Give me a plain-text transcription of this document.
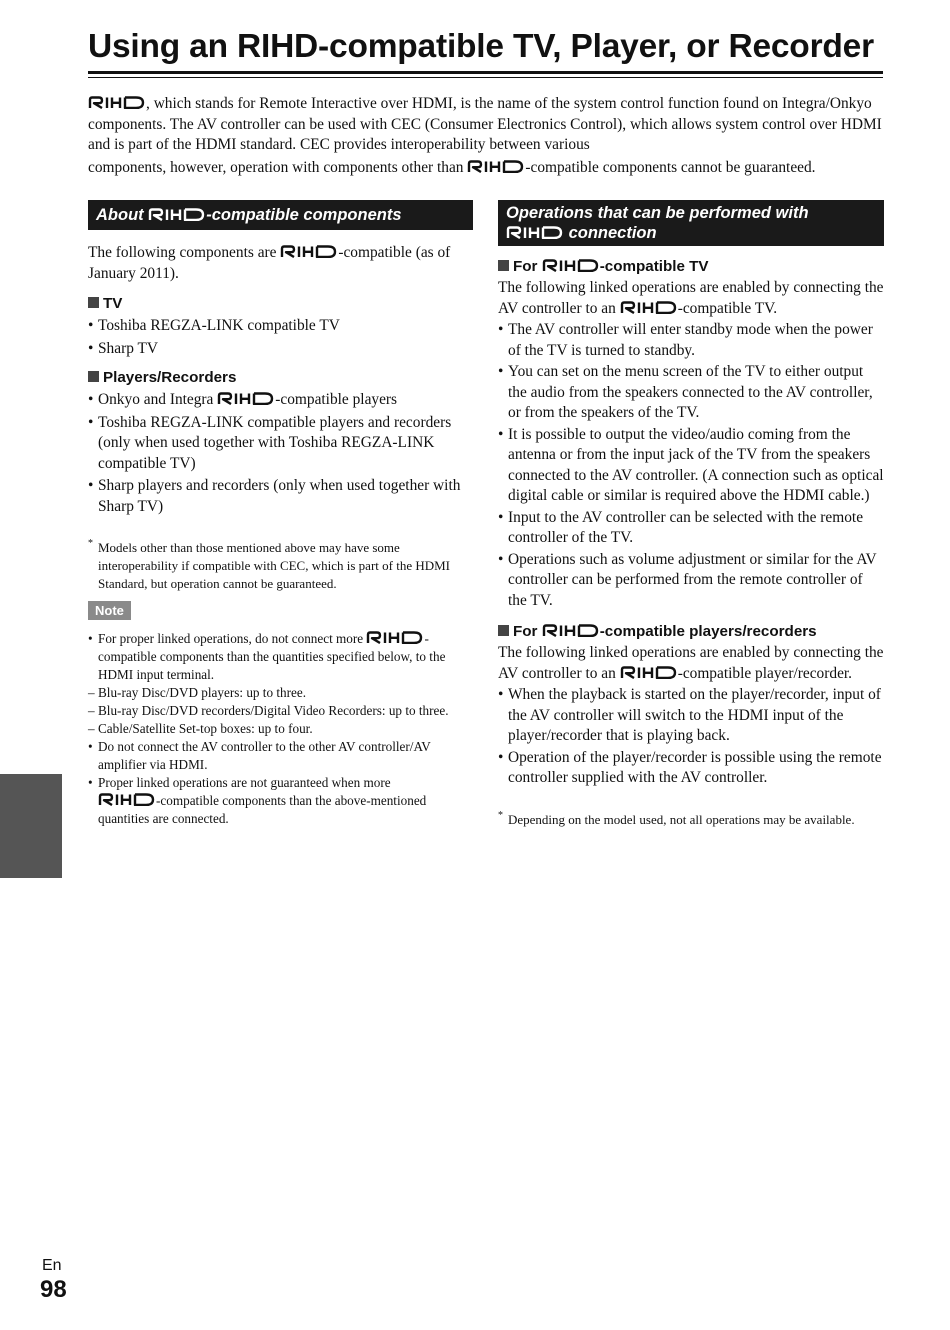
Using an RIHD-compatible TV, Player, or Recorder
, which stands for Remote Interactive over HDMI, is the name of the system control function found on Integra/Onkyo components. The AV controller can be used with CEC (Consumer Electronics Control), which allows system control over HDMI and is part of the HDMI standard. CEC provides interoperability between various
components, however, operation with components other than	-compatible components cannot be guaranteed.
About	-compatible components

The following components are	-compatible (as of January 2011).

TV

• Toshiba REGZA-LINK compatible TV
• Sharp TV

Players/Recorders

• Onkyo and Integra	-compatible players
• Toshiba REGZA-LINK compatible players and recorders (only when used together with Toshiba REGZA-LINK compatible TV)
• Sharp players and recorders (only when used together with Sharp TV)

* Models other than those mentioned above may have some interoperability if compatible with CEC, which is part of the HDMI Standard, but operation cannot be guaranteed.

Note
• For proper linked operations, do not connect more	-compatible components than the quantities specified below, to the HDMI input terminal.
– Blu-ray Disc/DVD players: up to three.
– Blu-ray Disc/DVD recorders/Digital Video Recorders: up to three.
– Cable/Satellite Set-top boxes: up to four.
• Do not connect the AV controller to the other AV controller/AV amplifier via HDMI.
• Proper linked operations are not guaranteed when more

-compatible components than the above-mentioned quantities are connected.
Operations that can be performed with

connection

For	-compatible TV

The following linked operations are enabled by connecting the AV controller to an	-compatible TV.

• The AV controller will enter standby mode when the power of the TV is turned to standby.
• You can set on the menu screen of the TV to either output the audio from the speakers connected to the AV controller, or from the speakers of the TV.
• It is possible to output the video/audio coming from the antenna or from the input jack of the TV from the speakers connected to the AV controller. (A connection such as optical digital cable or similar is required above the HDMI cable.)
• Input to the AV controller can be selected with the remote controller of the TV.
• Operations such as volume adjustment or similar for the AV controller can be performed from the remote controller of the TV.

For	-compatible players/recorders

The following linked operations are enabled by connecting the AV controller to an	-compatible player/recorder.

• When the playback is started on the player/recorder, input of the AV controller will switch to the HDMI input of the player/recorder that is playing back.
• Operation of the player/recorder is possible using the remote controller supplied with the AV controller.

* Depending on the model used, not all operations may be available.

En
98
